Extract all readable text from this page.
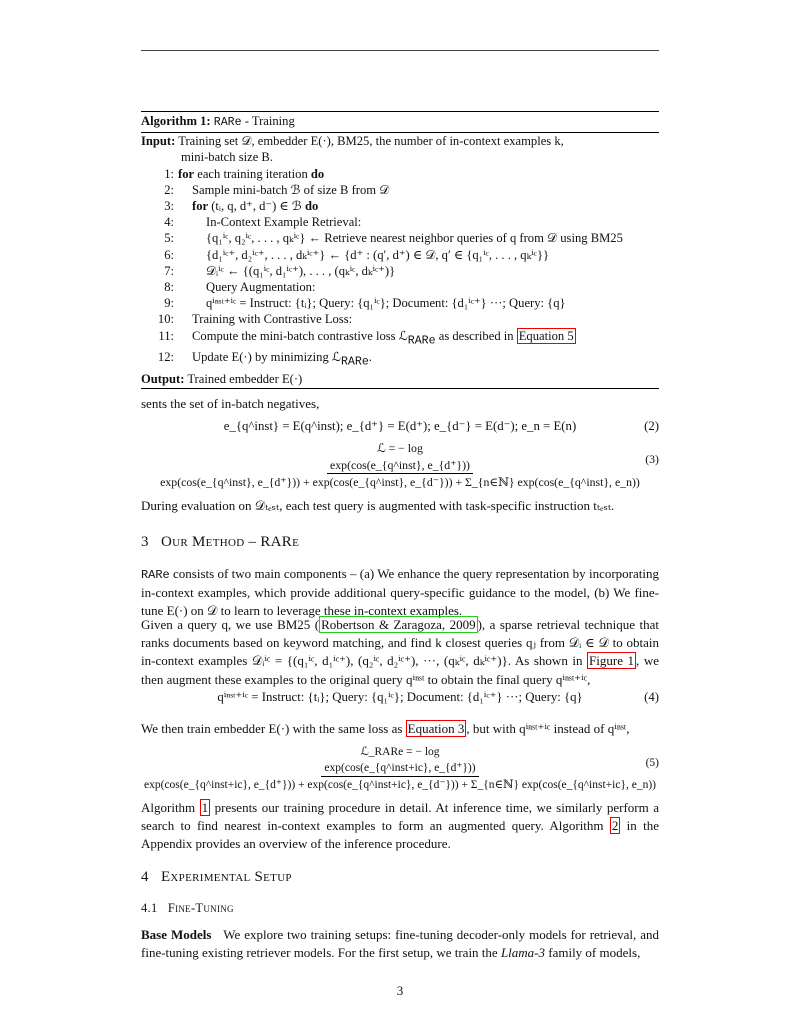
Algorithm 1: RARe - Training
Input: Training set 𝒟, embedder E(·), BM25, the number of in-context examples k,
mini-batch size B.
1: for each training iteration do
2:	Sample mini-batch ℬ of size B from 𝒟
3:	for (tᵢ, q, d⁺, d⁻) ∈ ℬ do
4:	In-Context Example Retrieval:
5:	{q₁ⁱᶜ, q₂ⁱᶜ, . . . , qₖⁱᶜ} ← Retrieve nearest neighbor queries of q from 𝒟 using BM25
6:	{d₁ⁱᶜ⁺, d₂ⁱᶜ⁺, . . . , dₖⁱᶜ⁺} ← {d⁺ : (q′, d⁺) ∈ 𝒟, q′ ∈ {q₁ⁱᶜ, . . . , qₖⁱᶜ}}
7:	𝒟ᵢⁱᶜ ← {(q₁ⁱᶜ, d₁ⁱᶜ⁺), . . . , (qₖⁱᶜ, dₖⁱᶜ⁺)}
8:	Query Augmentation:
9:	qⁱⁿˢᵗ⁺ⁱᶜ = Instruct: {tᵢ}; Query: {q₁ⁱᶜ}; Document: {d₁ⁱᶜ⁺} ···; Query: {q}
10:	Training with Contrastive Loss:
11:	Compute the mini-batch contrastive loss ℒ$_{RARe}$ as described in Equation 5
12:	Update E(·) by minimizing ℒ$_{RARe}$.
Output: Trained embedder E(·)
sents the set of in-batch negatives,
e_{q^inst} = E(q^inst); e_{d⁺} = E(d⁺); e_{d⁻} = E(d⁻); e_n = E(n)	(2)
ℒ = − log
exp(cos(e_{q^inst}, e_{d⁺}))
exp(cos(e_{q^inst}, e_{d⁺})) + exp(cos(e_{q^inst}, e_{d⁻})) + Σ_{n∈ℕ} exp(cos(e_{q^inst}, e_n))
(3)
During evaluation on 𝒟ₜₑₛₜ, each test query is augmented with task-specific instruction tₜₑₛₜ.
3 Our Method – RARe
RARe consists of two main components – (a) We enhance the query representation by incorporating in-context examples, which provide additional query-specific guidance to the model, (b) We fine-tune E(·) on 𝒟 to learn to leverage these in-context examples.
Given a query q, we use BM25 ( Robertson & Zaragoza, 2009 ), a sparse retrieval technique that ranks documents based on keyword matching, and find k closest queries qⱼ from 𝒟ᵢ ∈ 𝒟 to obtain in-context examples 𝒟ᵢⁱᶜ = {(q₁ⁱᶜ, d₁ⁱᶜ⁺), (q₂ⁱᶜ, d₂ⁱᶜ⁺), ···, (qₖⁱᶜ, dₖⁱᶜ⁺)}. As shown in Figure 1 , we then augment these examples to the original query qⁱⁿˢᵗ to obtain the final query qⁱⁿˢᵗ⁺ⁱᶜ,
qⁱⁿˢᵗ⁺ⁱᶜ = Instruct: {tᵢ}; Query: {q₁ⁱᶜ}; Document: {d₁ⁱᶜ⁺} ···; Query: {q}	(4)
We then train embedder E(·) with the same loss as Equation 3 , but with qⁱⁿˢᵗ⁺ⁱᶜ instead of qⁱⁿˢᵗ,
ℒ_RARe = − log
exp(cos(e_{q^inst+ic}, e_{d⁺}))
exp(cos(e_{q^inst+ic}, e_{d⁺})) + exp(cos(e_{q^inst+ic}, e_{d⁻})) + Σ_{n∈ℕ} exp(cos(e_{q^inst+ic}, e_n))
(5)
Algorithm 1 presents our training procedure in detail. At inference time, we similarly perform a search to find nearest in-context examples to form an augmented query. Algorithm 2 in the Appendix provides an overview of the inference procedure.
4 Experimental Setup
4.1 Fine-Tuning
Base Models We explore two training setups: fine-tuning decoder-only models for retrieval, and fine-tuning existing retriever models. For the first setup, we train the Llama-3 family of models,
3
